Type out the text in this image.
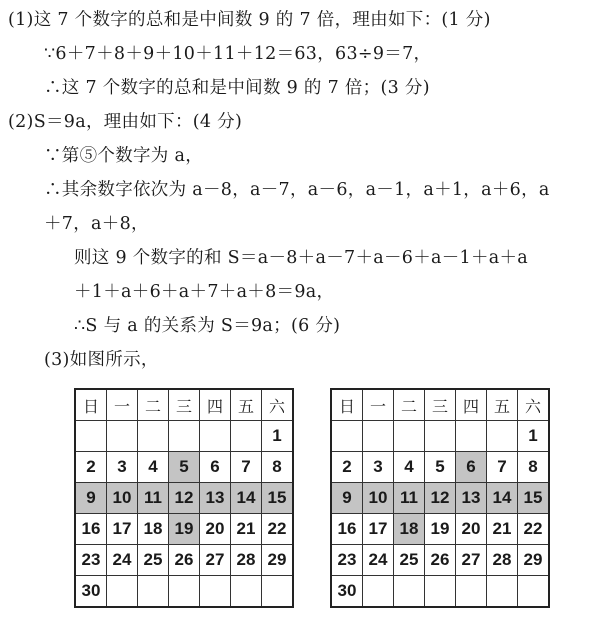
(1)这 7 个数字的总和是中间数 9 的 7 倍，理由如下：(1 分)
∵6＋7＋8＋9＋10＋11＋12＝63，63÷9＝7，
∴这 7 个数字的总和是中间数 9 的 7 倍；(3 分)
(2)S＝9a，理由如下：(4 分)
∵第⑤个数字为 a，
∴其余数字依次为 a－8，a－7，a－6，a－1，a＋1，a＋6，a
＋7，a＋8，
则这 9 个数字的和 S＝a－8＋a－7＋a－6＋a－1＋a＋a
＋1＋a＋6＋a＋7＋a＋8＝9a，
∴S 与 a 的关系为 S＝9a；(6 分)
(3)如图所示，
日	一	二	三	四	五	六
						1
2	3	4	5	6	7	8
9	10	11	12	13	14	15
16	17	18	19	20	21	22
23	24	25	26	27	28	29
30						
日	一	二	三	四	五	六
						1
2	3	4	5	6	7	8
9	10	11	12	13	14	15
16	17	18	19	20	21	22
23	24	25	26	27	28	29
30						
